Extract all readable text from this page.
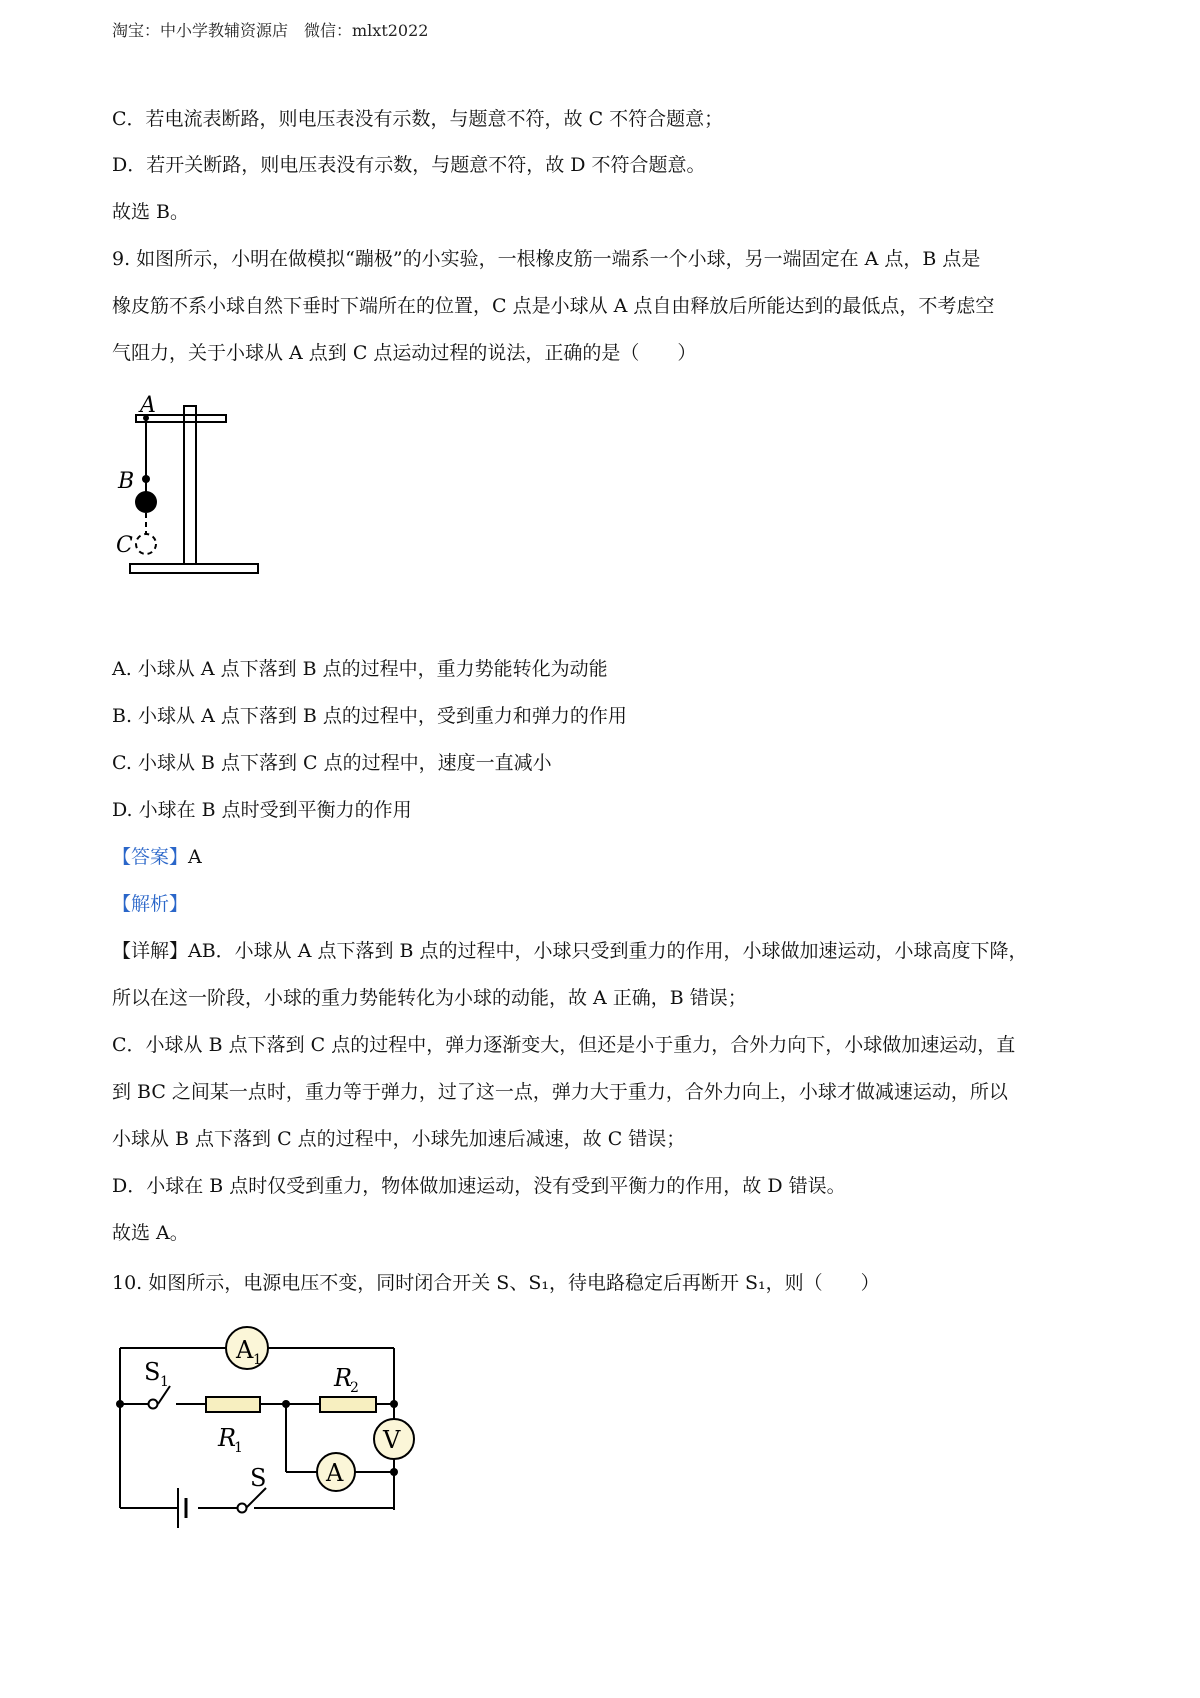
淘宝：中小学教辅资源店　微信：mlxt2022
C．若电流表断路，则电压表没有示数，与题意不符，故 C 不符合题意；
D．若开关断路，则电压表没有示数，与题意不符，故 D 不符合题意。
故选 B。
9. 如图所示，小明在做模拟“蹦极”的小实验，一根橡皮筋一端系一个小球，另一端固定在 A 点，B 点是
橡皮筋不系小球自然下垂时下端所在的位置，C 点是小球从 A 点自由释放后所能达到的最低点，不考虑空
气阻力，关于小球从 A 点到 C 点运动过程的说法，正确的是（　　）
A
B
C
A. 小球从 A 点下落到 B 点的过程中，重力势能转化为动能
B. 小球从 A 点下落到 B 点的过程中，受到重力和弹力的作用
C. 小球从 B 点下落到 C 点的过程中，速度一直减小
D. 小球在 B 点时受到平衡力的作用
【答案】A
【解析】
【详解】AB．小球从 A 点下落到 B 点的过程中，小球只受到重力的作用，小球做加速运动，小球高度下降，
所以在这一阶段，小球的重力势能转化为小球的动能，故 A 正确，B 错误；
C．小球从 B 点下落到 C 点的过程中，弹力逐渐变大，但还是小于重力，合外力向下，小球做加速运动，直
到 BC 之间某一点时，重力等于弹力，过了这一点，弹力大于重力，合外力向上，小球才做减速运动，所以
小球从 B 点下落到 C 点的过程中，小球先加速后减速，故 C 错误；
D．小球在 B 点时仅受到重力，物体做加速运动，没有受到平衡力的作用，故 D 错误。
故选 A。
10. 如图所示，电源电压不变，同时闭合开关 S、S₁，待电路稳定后再断开 S₁，则（　　）
A 1
S 1
R
1
R
2
V
A
S
